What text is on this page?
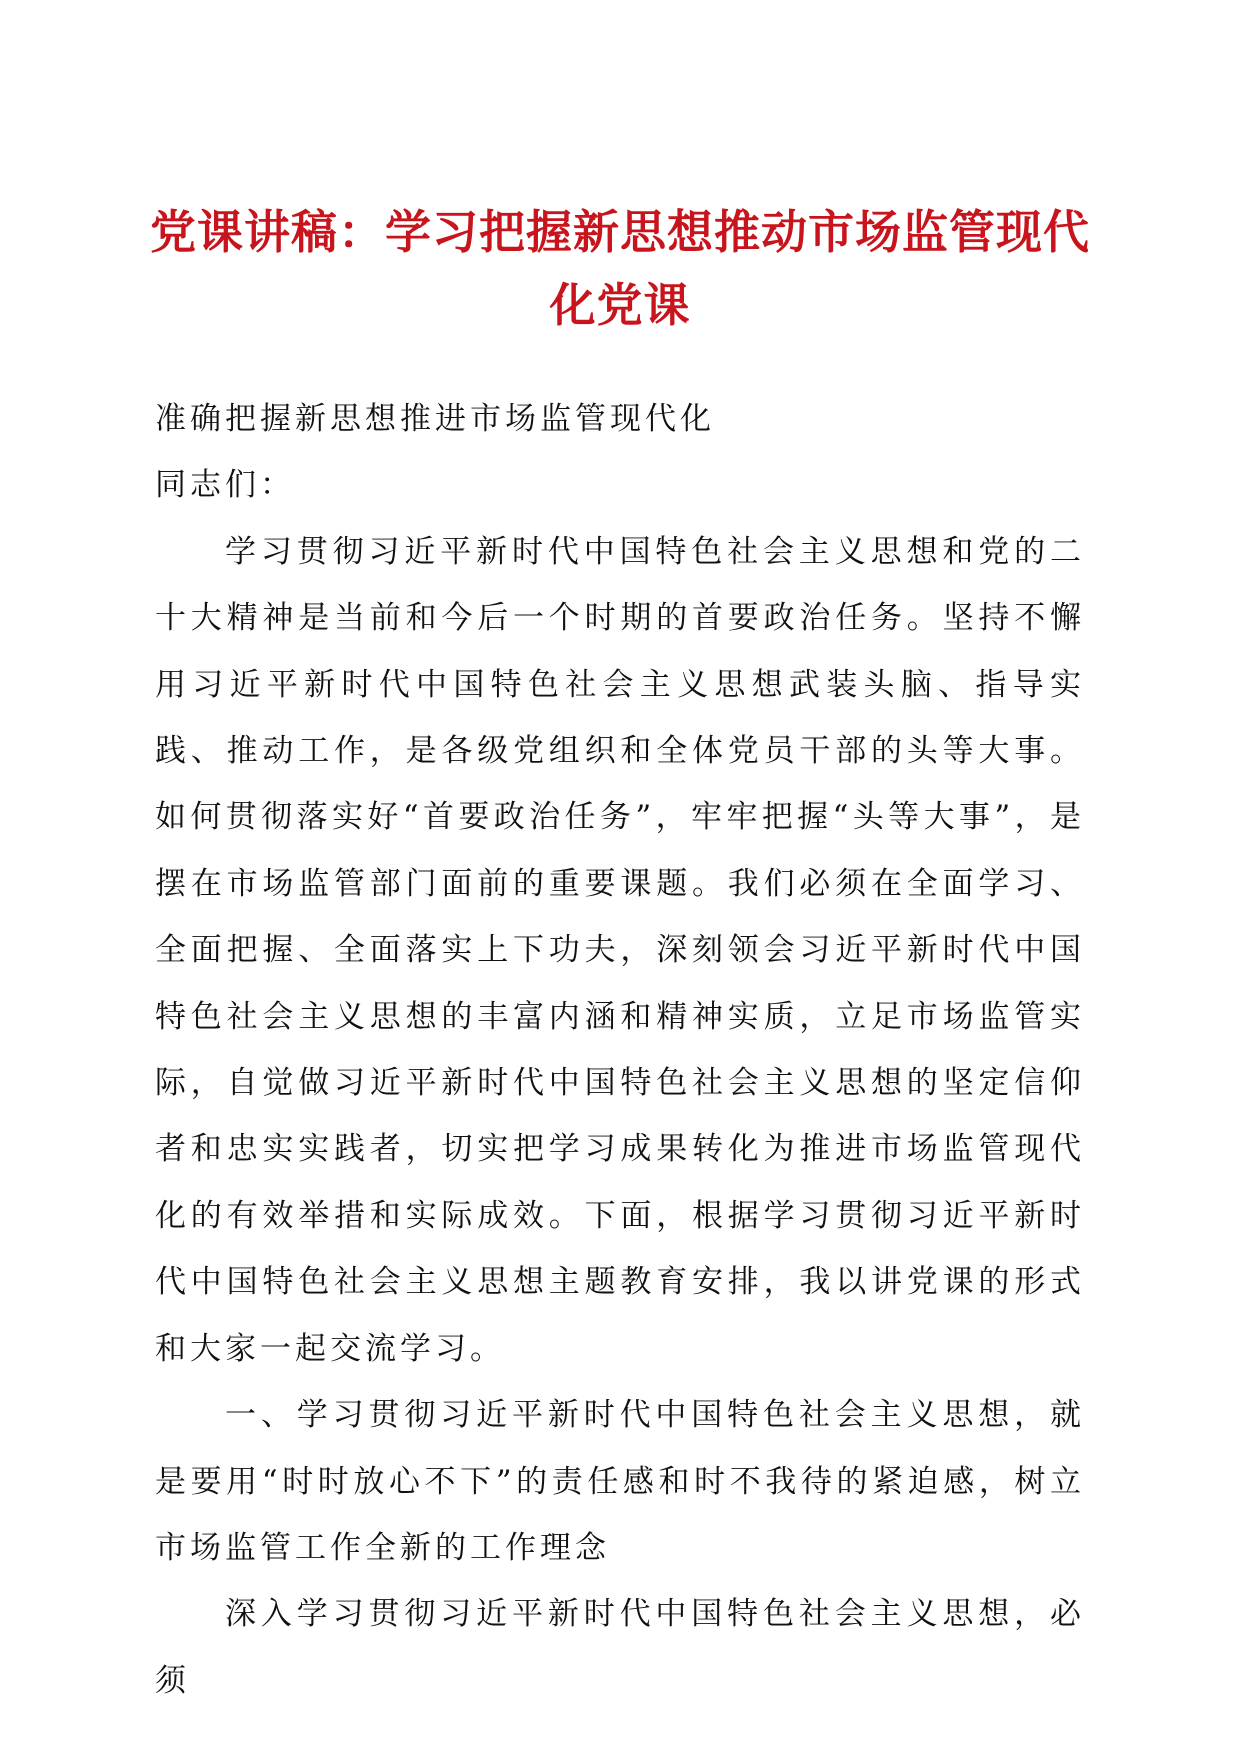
党课讲稿：学习把握新思想推动市场监管现代化党课

准确把握新思想推进市场监管现代化

同志们：

学习贯彻习近平新时代中国特色社会主义思想和党的二十大精神是当前和今后一个时期的首要政治任务。坚持不懈用习近平新时代中国特色社会主义思想武装头脑、指导实践、推动工作，是各级党组织和全体党员干部的头等大事。如何贯彻落实好“首要政治任务”，牢牢把握“头等大事”，是摆在市场监管部门面前的重要课题。我们必须在全面学习、全面把握、全面落实上下功夫，深刻领会习近平新时代中国特色社会主义思想的丰富内涵和精神实质，立足市场监管实际，自觉做习近平新时代中国特色社会主义思想的坚定信仰者和忠实实践者，切实把学习成果转化为推进市场监管现代化的有效举措和实际成效。下面，根据学习贯彻习近平新时代中国特色社会主义思想主题教育安排，我以讲党课的形式和大家一起交流学习。

一、学习贯彻习近平新时代中国特色社会主义思想，就是要用“时时放心不下”的责任感和时不我待的紧迫感，树立市场监管工作全新的工作理念

深入学习贯彻习近平新时代中国特色社会主义思想，必须
